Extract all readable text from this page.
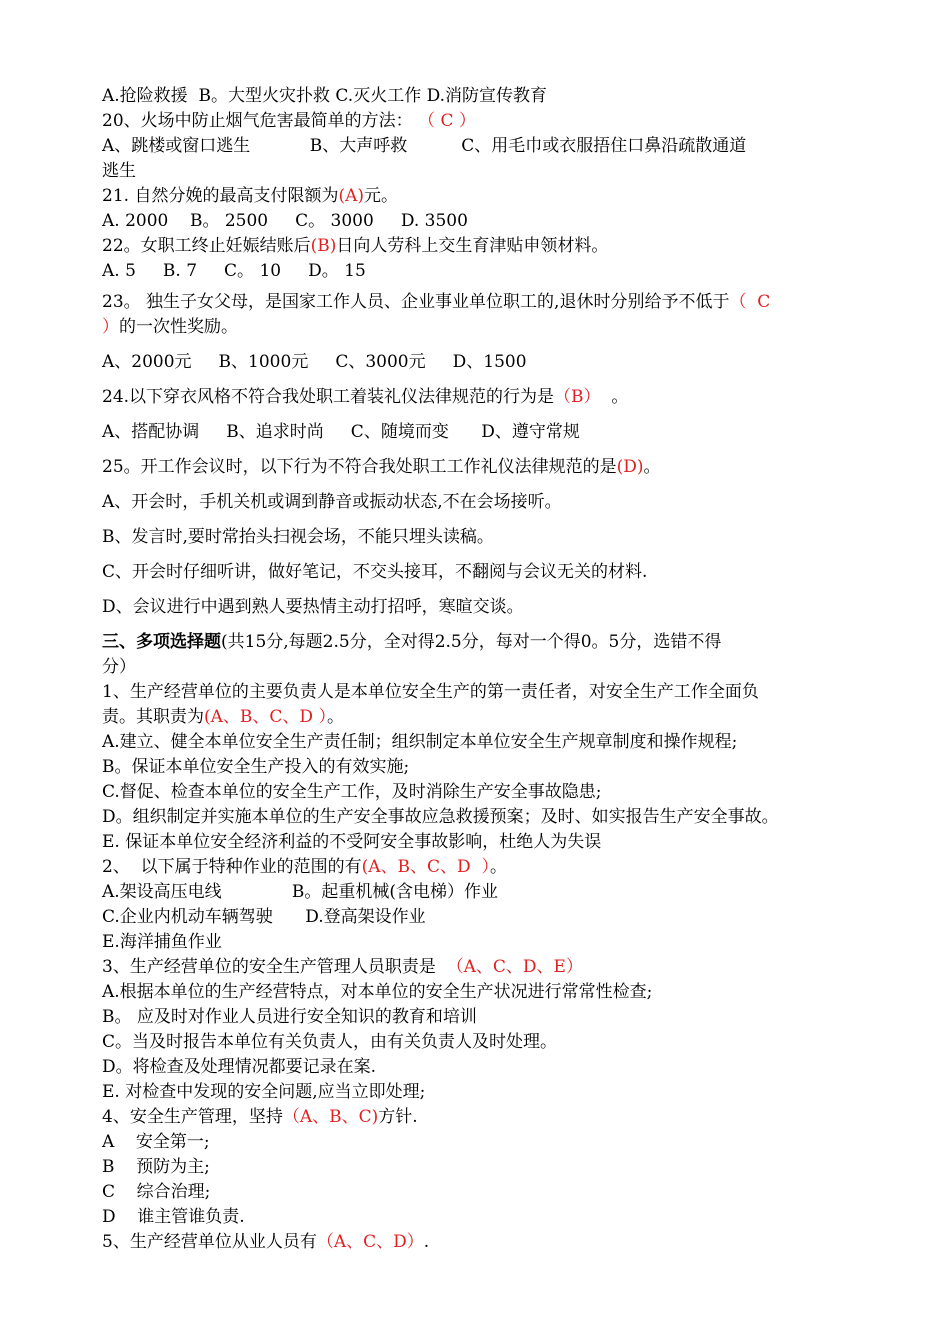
A.抢险救援  B。大型火灾扑救 C.灭火工作 D.消防宣传教育
20、火场中防止烟气危害最简单的方法： （ C ）
A、跳楼或窗口逃生           B、大声呼救          C、用毛巾或衣服捂住口鼻沿疏散通道
逃生
21. 自然分娩的最高支付限额为(A)元。
A. 2000    B。 2500     C。 3000     D. 3500
22。女职工终止妊娠结账后(B)日向人劳科上交生育津贴申领材料。
A. 5     B. 7     C。 10     D。 15
23。 独生子女父母，是国家工作人员、企业事业单位职工的,退休时分别给予不低于（  C
）的一次性奖励。
A、2000元     B、1000元     C、3000元     D、1500
24.以下穿衣风格不符合我处职工着装礼仪法律规范的行为是（B）  。
A、搭配协调     B、追求时尚     C、随境而变      D、遵守常规
25。开工作会议时，以下行为不符合我处职工工作礼仪法律规范的是(D)。
A、开会时，手机关机或调到静音或振动状态,不在会场接听。
B、发言时,要时常抬头扫视会场，不能只埋头读稿。
C、开会时仔细听讲，做好笔记，不交头接耳，不翻阅与会议无关的材料.
D、会议进行中遇到熟人要热情主动打招呼，寒暄交谈。
三、多项选择题(共15分,每题2.5分，全对得2.5分，每对一个得0。5分，选错不得
分）
1、生产经营单位的主要负责人是本单位安全生产的第一责任者，对安全生产工作全面负
责。其职责为(A、B、C、D ）。
A.建立、健全本单位安全生产责任制；组织制定本单位安全生产规章制度和操作规程;
B。保证本单位安全生产投入的有效实施;
C.督促、检查本单位的安全生产工作，及时消除生产安全事故隐患;
D。组织制定并实施本单位的生产安全事故应急救援预案；及时、如实报告生产安全事故。
E. 保证本单位安全经济利益的不受阿安全事故影响，杜绝人为失误
2、  以下属于特种作业的范围的有(A、B、C、D  ）。
A.架设高压电线             B。起重机械(含电梯）作业
C.企业内机动车辆驾驶      D.登高架设作业
E.海洋捕鱼作业
3、生产经营单位的安全生产管理人员职责是  （A、C、D、E）
A.根据本单位的生产经营特点，对本单位的安全生产状况进行常常性检查;
B。 应及时对作业人员进行安全知识的教育和培训
C。当及时报告本单位有关负责人，由有关负责人及时处理。
D。将检查及处理情况都要记录在案.
E. 对检查中发现的安全问题,应当立即处理;
4、安全生产管理，坚持（A、B、C)方针.
A    安全第一;
B    预防为主;
C    综合治理;
D    谁主管谁负责.
5、生产经营单位从业人员有（A、C、D）.
